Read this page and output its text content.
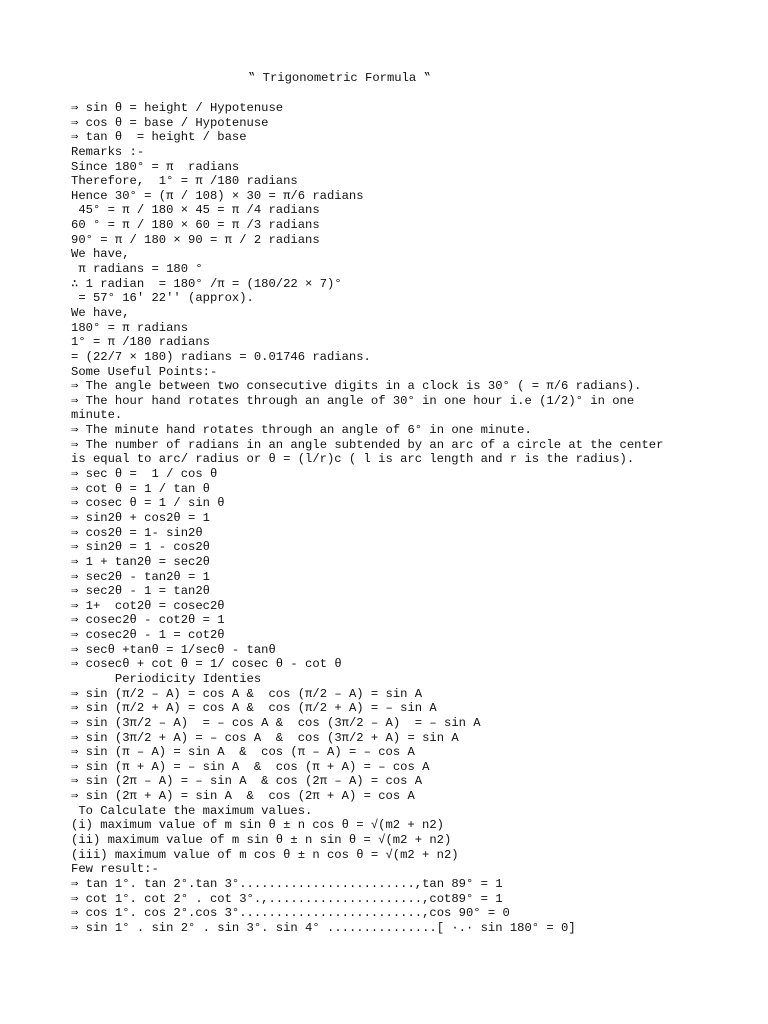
‟ Trigonometric Formula ‟
⇒ sin θ = height / Hypotenuse
⇒ cos θ = base / Hypotenuse
⇒ tan θ  = height / base
Remarks :-
Since 180° = π  radians
Therefore,  1° = π /180 radians
Hence 30° = (π / 108) × 30 = π/6 radians
45° = π / 180 × 45 = π /4 radians
60 ° = π / 180 × 60 = π /3 radians
90° = π / 180 × 90 = π / 2 radians
We have,
π radians = 180 °
∴ 1 radian  = 180° /π = (180/22 × 7)°
= 57° 16' 22'' (approx).
We have,
180° = π radians
1° = π /180 radians
= (22/7 × 180) radians = 0.01746 radians.
Some Useful Points:-
⇒ The angle between two consecutive digits in a clock is 30° ( = π/6 radians).
⇒ The hour hand rotates through an angle of 30° in one hour i.e (1/2)° in one
minute.
⇒ The minute hand rotates through an angle of 6° in one minute.
⇒ The number of radians in an angle subtended by an arc of a circle at the center
is equal to arc/ radius or θ = (l/r)c ( l is arc length and r is the radius).
⇒ sec θ =  1 / cos θ
⇒ cot θ = 1 / tan θ
⇒ cosec θ = 1 / sin θ
⇒ sin2θ + cos2θ = 1
⇒ cos2θ = 1- sin2θ
⇒ sin2θ = 1 - cos2θ
⇒ 1 + tan2θ = sec2θ
⇒ sec2θ - tan2θ = 1
⇒ sec2θ - 1 = tan2θ
⇒ 1+  cot2θ = cosec2θ
⇒ cosec2θ - cot2θ = 1
⇒ cosec2θ - 1 = cot2θ
⇒ secθ +tanθ = 1/secθ - tanθ
⇒ cosecθ + cot θ = 1/ cosec θ - cot θ
Periodicity Identies
⇒ sin (π/2 – A) = cos A &  cos (π/2 – A) = sin A
⇒ sin (π/2 + A) = cos A &  cos (π/2 + A) = – sin A
⇒ sin (3π/2 – A)  = – cos A &  cos (3π/2 – A)  = – sin A
⇒ sin (3π/2 + A) = – cos A  &  cos (3π/2 + A) = sin A
⇒ sin (π – A) = sin A  &  cos (π – A) = – cos A
⇒ sin (π + A) = – sin A  &  cos (π + A) = – cos A
⇒ sin (2π – A) = – sin A  & cos (2π – A) = cos A
⇒ sin (2π + A) = sin A  &  cos (2π + A) = cos A
To Calculate the maximum values.
(i) maximum value of m sin θ ± n cos θ = √(m2 + n2)
(ii) maximum value of m sin θ ± n sin θ = √(m2 + n2)
(iii) maximum value of m cos θ ± n cos θ = √(m2 + n2)
Few result:-
⇒ tan 1°. tan 2°.tan 3°........................,tan 89° = 1
⇒ cot 1°. cot 2° . cot 3°.,.....................,cot89° = 1
⇒ cos 1°. cos 2°.cos 3°.........................,cos 90° = 0
⇒ sin 1° . sin 2° . sin 3°. sin 4° ...............[ ·.· sin 180° = 0]
